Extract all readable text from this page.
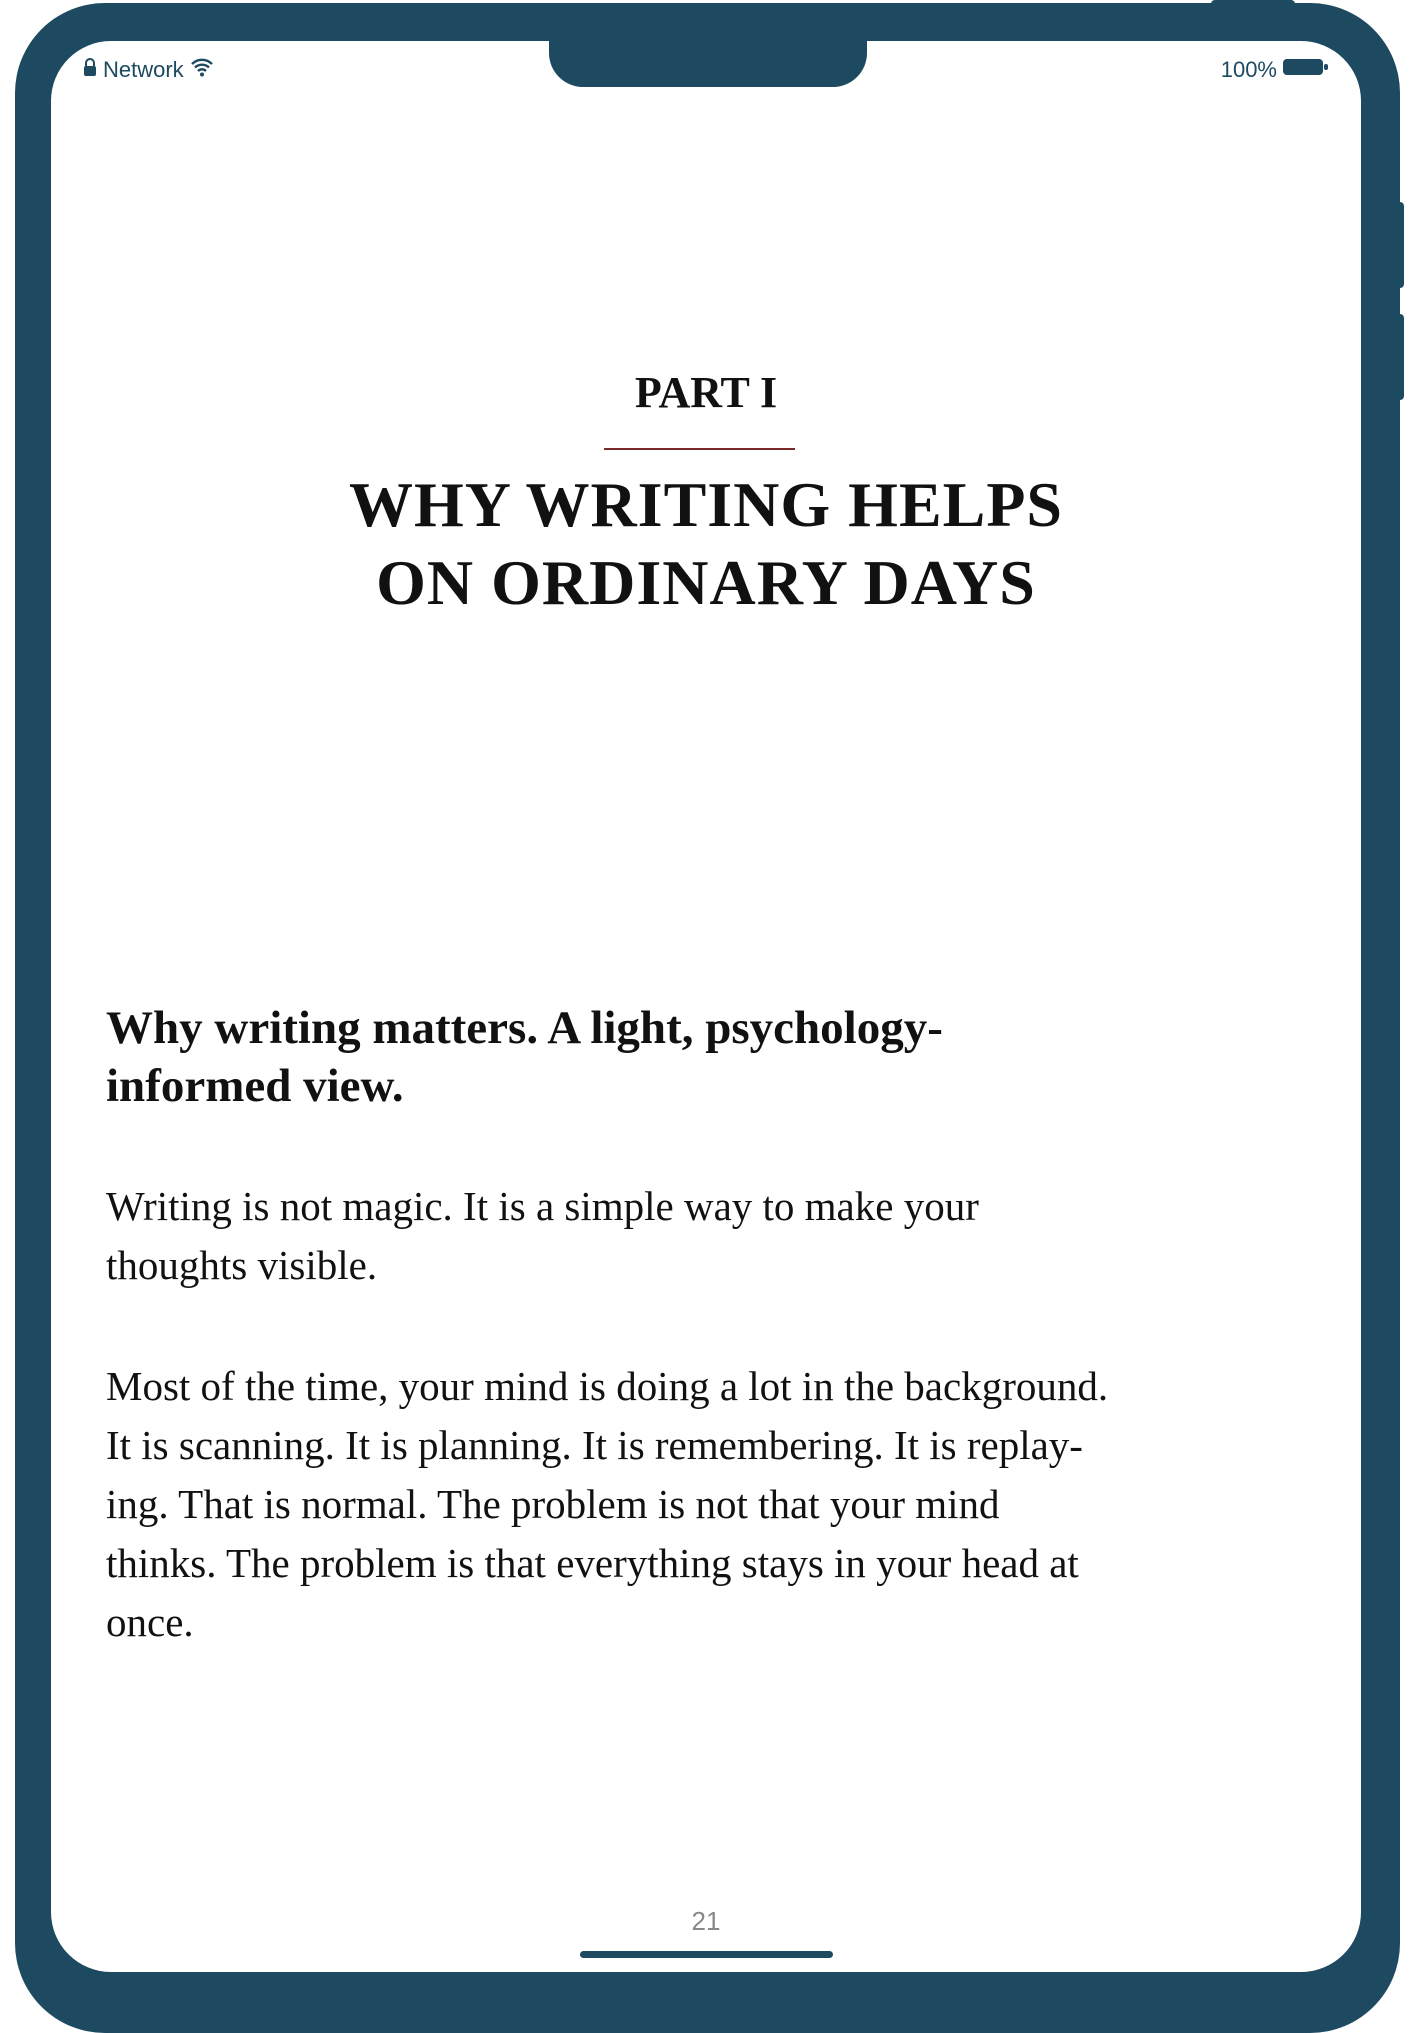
Network	100%
PART I
WHY WRITING HELPS
ON ORDINARY DAYS
Why writing matters. A light, psychology-
informed view.
Writing is not magic. It is a simple way to make your
thoughts visible.
Most of the time, your mind is doing a lot in the background.
It is scanning. It is planning. It is remembering. It is replay-
ing. That is normal. The problem is not that your mind
thinks. The problem is that everything stays in your head at
once.
21
